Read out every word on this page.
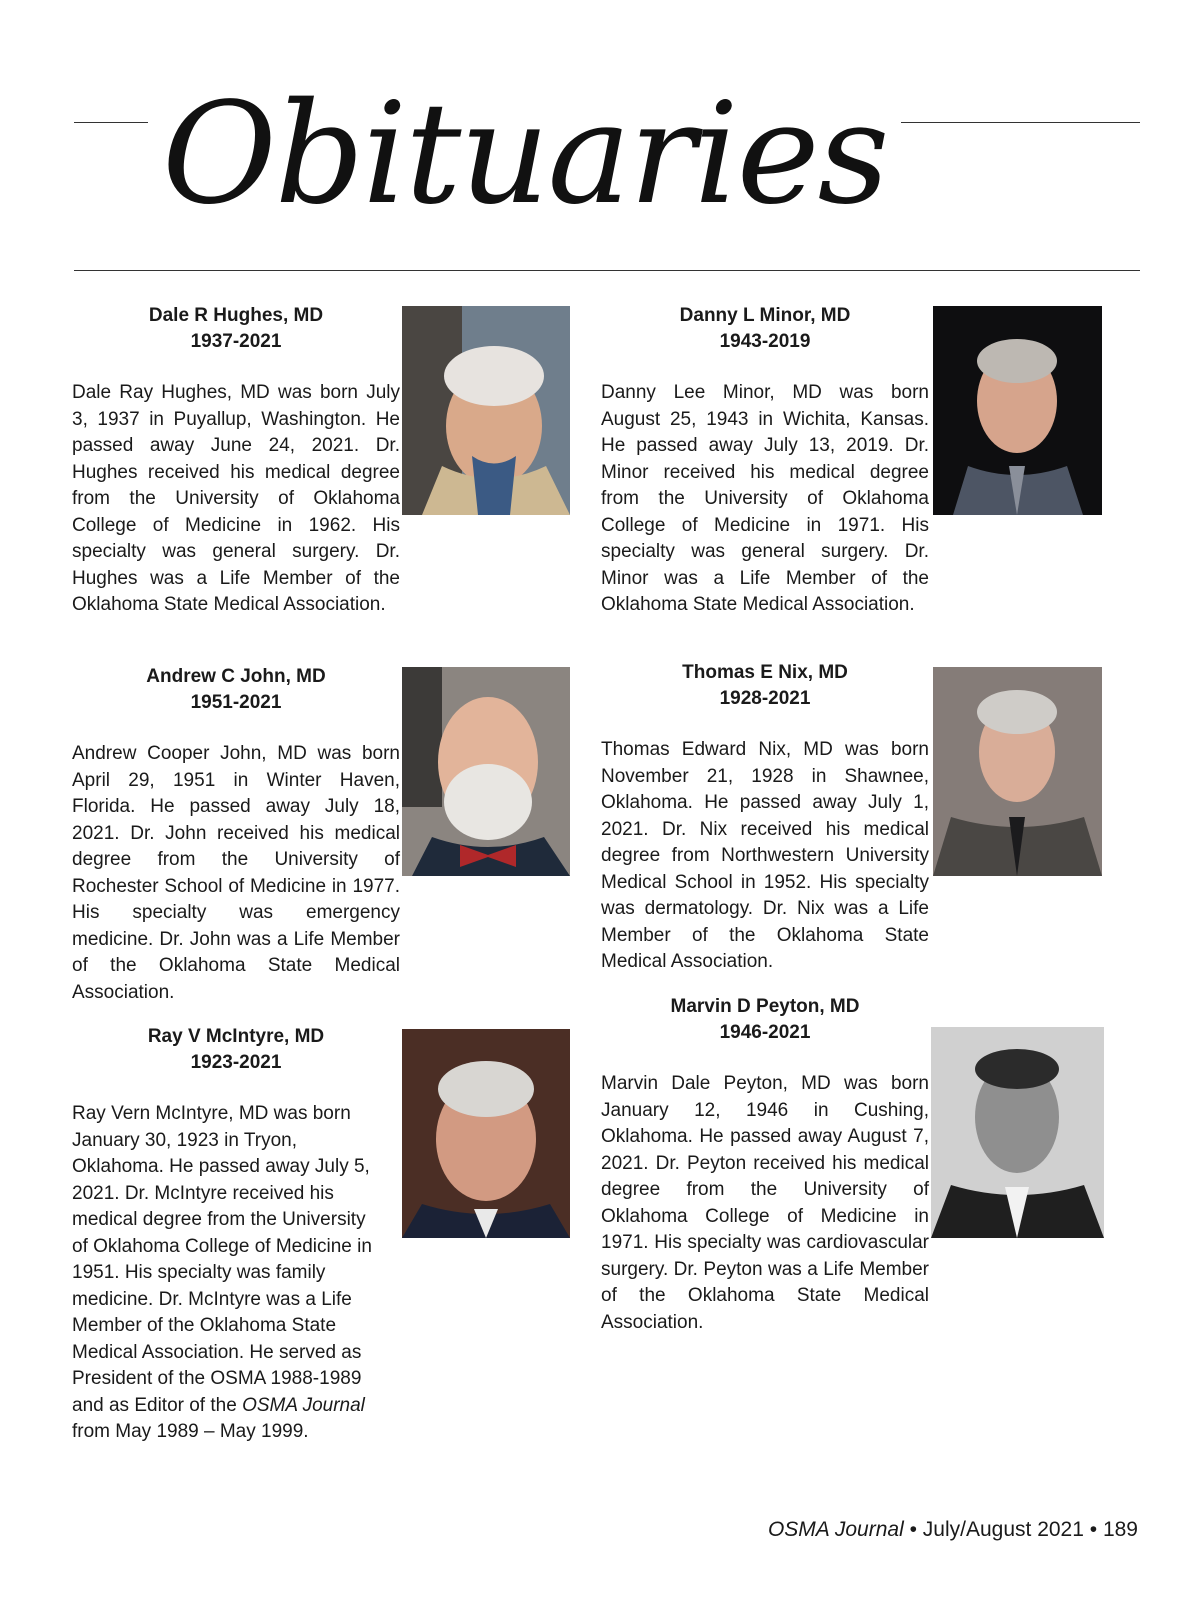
Obituaries
Dale R Hughes, MD
1937-2021
Dale Ray Hughes, MD was born July 3, 1937 in Puyallup, Washington. He passed away June 24, 2021. Dr. Hughes received his medical degree from the University of Oklahoma College of Medicine in 1962. His specialty was general surgery. Dr. Hughes was a Life Member of the Oklahoma State Medical Association.
Andrew C John, MD
1951-2021
Andrew Cooper John, MD was born April 29, 1951 in Winter Haven, Florida. He passed away July 18, 2021. Dr. John received his medical degree from the University of Rochester School of Medicine in 1977. His specialty was emergency medicine. Dr. John was a Life Member of the Oklahoma State Medical Association.
Ray V McIntyre, MD
1923-2021
Ray Vern McIntyre, MD was born January 30, 1923 in Tryon, Oklahoma. He passed away July 5, 2021. Dr. McIntyre received his medical degree from the University of Oklahoma College of Medicine in 1951. His specialty was family medicine. Dr. McIntyre was a Life Member of the Oklahoma State Medical Association. He served as President of the OSMA 1988-1989 and as Editor of the OSMA Journal from May 1989 – May 1999.
Danny L Minor, MD
1943-2019
Danny Lee Minor, MD was born August 25, 1943 in Wichita, Kansas. He passed away July 13, 2019. Dr. Minor received his medical degree from the University of Oklahoma College of Medicine in 1971. His specialty was general surgery. Dr. Minor was a Life Member of the Oklahoma State Medical Association.
Thomas E Nix, MD
1928-2021
Thomas Edward Nix, MD was born November 21, 1928 in Shawnee, Oklahoma. He passed away July 1, 2021. Dr. Nix received his medical degree from Northwestern University Medical School in 1952. His specialty was dermatology. Dr. Nix was a Life Member of the Oklahoma State Medical Association.
Marvin D Peyton, MD
1946-2021
Marvin Dale Peyton, MD was born January 12, 1946 in Cushing, Oklahoma. He passed away August 7, 2021. Dr. Peyton received his medical degree from the University of Oklahoma College of Medicine in 1971. His specialty was cardiovascular surgery. Dr. Peyton was a Life Member of the Oklahoma State Medical Association.
OSMA Journal • July/August 2021 • 189
